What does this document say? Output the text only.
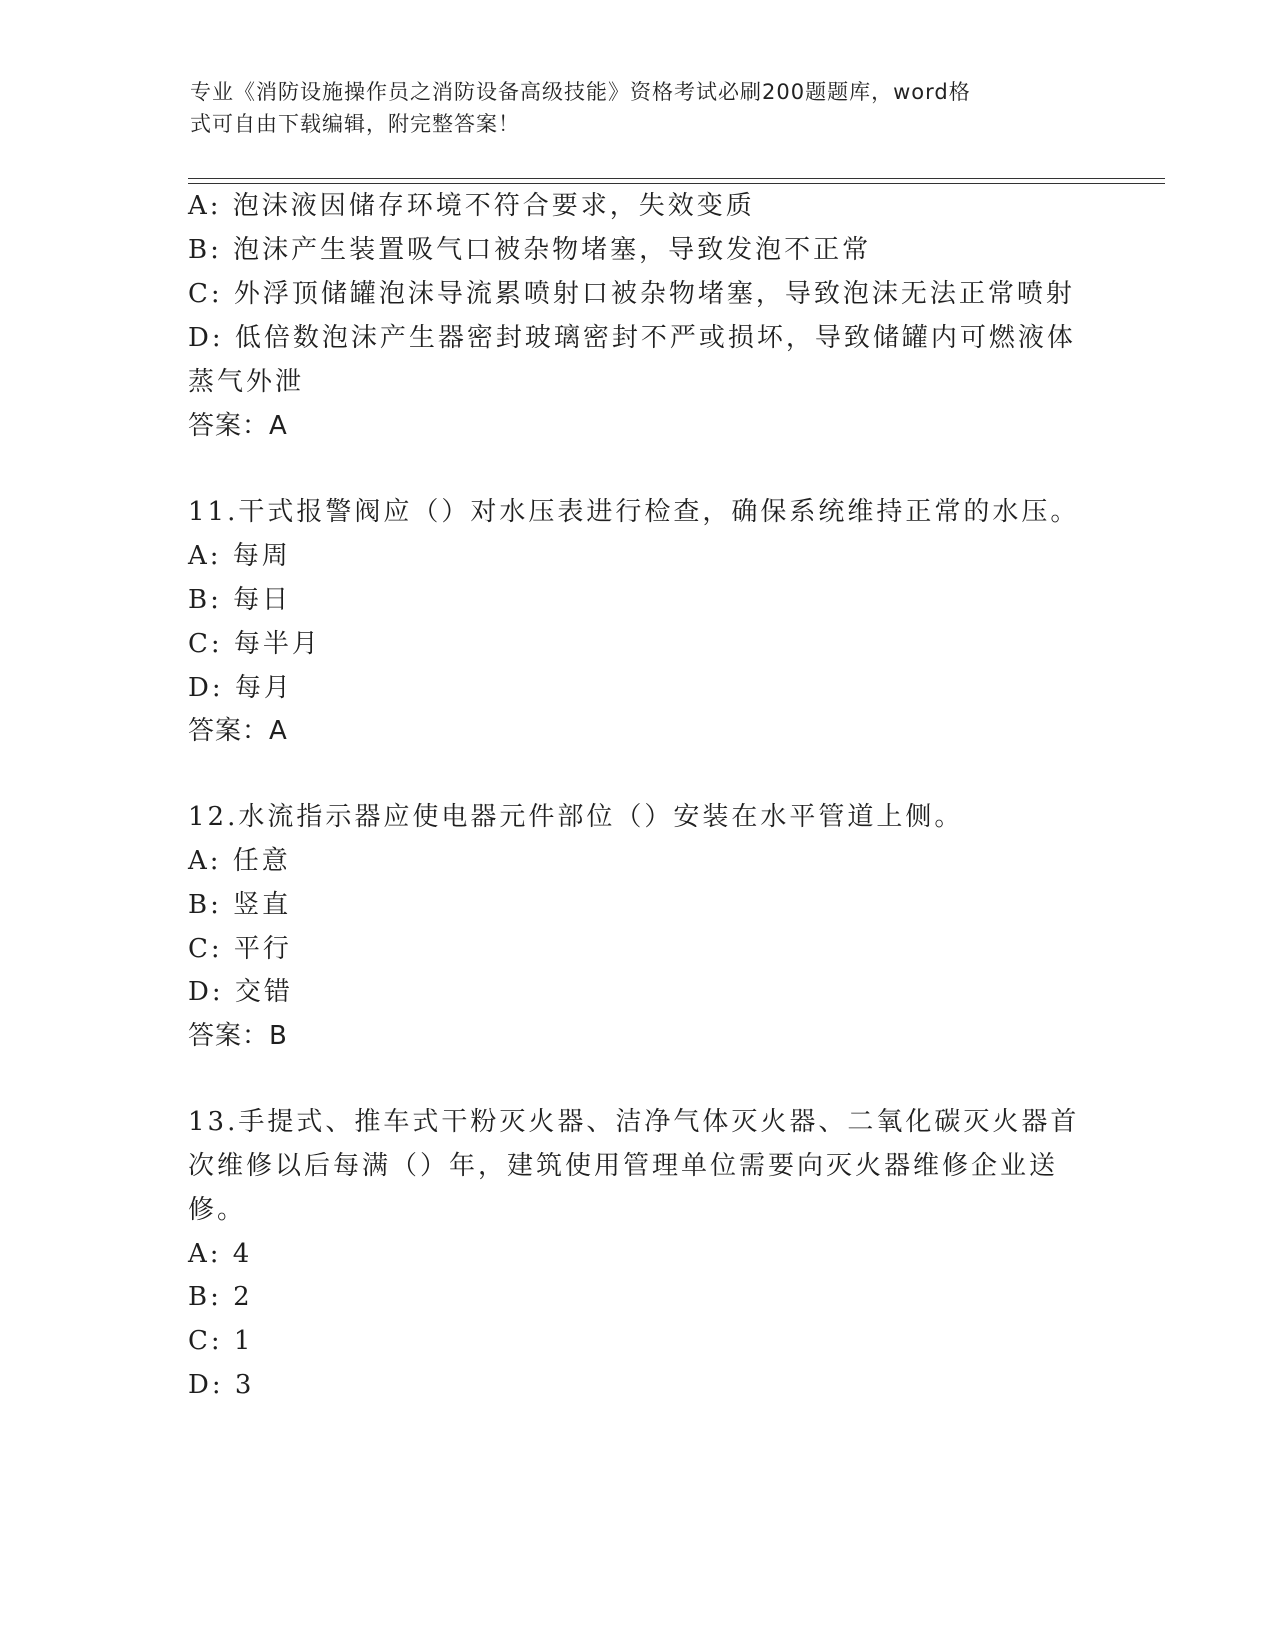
专业《消防设施操作员之消防设备高级技能》资格考试必刷200题题库，word格
式可自由下载编辑，附完整答案！
A: 泡沫液因储存环境不符合要求，失效变质
B: 泡沫产生装置吸气口被杂物堵塞，导致发泡不正常
C: 外浮顶储罐泡沫导流累喷射口被杂物堵塞，导致泡沫无法正常喷射
D: 低倍数泡沫产生器密封玻璃密封不严或损坏，导致储罐内可燃液体
蒸气外泄
答案：A
11.干式报警阀应（）对水压表进行检查，确保系统维持正常的水压。
A: 每周
B: 每日
C: 每半月
D: 每月
答案：A
12.水流指示器应使电器元件部位（）安装在水平管道上侧。
A: 任意
B: 竖直
C: 平行
D: 交错
答案：B
13.手提式、推车式干粉灭火器、洁净气体灭火器、二氧化碳灭火器首
次维修以后每满（）年，建筑使用管理单位需要向灭火器维修企业送
修。
A: 4
B: 2
C: 1
D: 3
